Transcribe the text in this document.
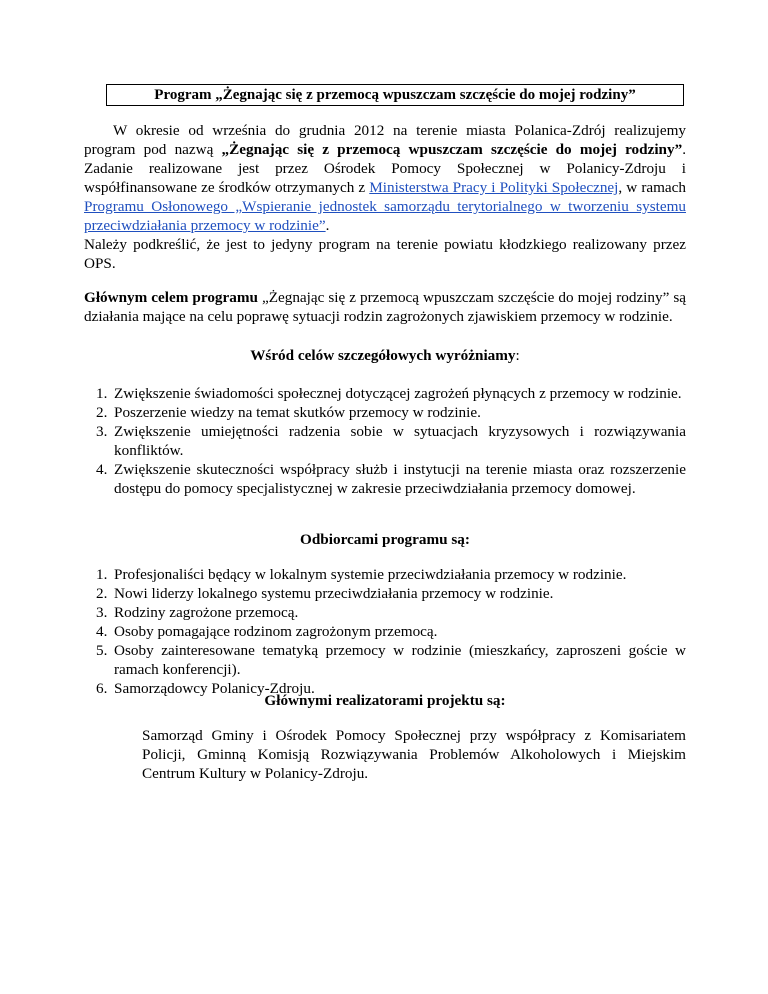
Program „Żegnając się z przemocą wpuszczam szczęście do mojej rodziny”

W okresie od września do grudnia 2012 na terenie miasta Polanica-Zdrój realizujemy program pod nazwą „Żegnając się z przemocą wpuszczam szczęście do mojej rodziny”. Zadanie realizowane jest przez Ośrodek Pomocy Społecznej w Polanicy-Zdroju i współfinansowane ze środków otrzymanych z Ministerstwa Pracy i Polityki Społecznej, w ramach Programu Osłonowego „Wspieranie jednostek samorządu terytorialnego w tworzeniu systemu przeciwdziałania przemocy w rodzinie”.

Należy podkreślić, że jest to jedyny program na terenie powiatu kłodzkiego realizowany przez OPS.

Głównym celem programu „Żegnając się z przemocą wpuszczam szczęście do mojej rodziny” są działania mające na celu poprawę sytuacji rodzin zagrożonych zjawiskiem przemocy w rodzinie.

Wśród celów szczegółowych wyróżniamy:

1. Zwiększenie świadomości społecznej dotyczącej zagrożeń płynących z przemocy w rodzinie.
2. Poszerzenie wiedzy na temat skutków przemocy w rodzinie.
3. Zwiększenie umiejętności radzenia sobie w sytuacjach kryzysowych i rozwiązywania konfliktów.
4. Zwiększenie skuteczności współpracy służb i instytucji na terenie miasta oraz rozszerzenie dostępu do pomocy specjalistycznej w zakresie przeciwdziałania przemocy domowej.

Odbiorcami programu są:

1. Profesjonaliści będący w lokalnym systemie przeciwdziałania przemocy w rodzinie.
2. Nowi liderzy lokalnego systemu przeciwdziałania przemocy w rodzinie.
3. Rodziny zagrożone przemocą.
4. Osoby pomagające rodzinom zagrożonym przemocą.
5. Osoby zainteresowane tematyką przemocy w rodzinie (mieszkańcy, zaproszeni goście w ramach konferencji).
6. Samorządowcy Polanicy-Zdroju.

Głównymi realizatorami projektu są:

Samorząd Gminy i Ośrodek Pomocy Społecznej przy współpracy z Komisariatem Policji, Gminną Komisją Rozwiązywania Problemów Alkoholowych i Miejskim Centrum Kultury w Polanicy-Zdroju.
